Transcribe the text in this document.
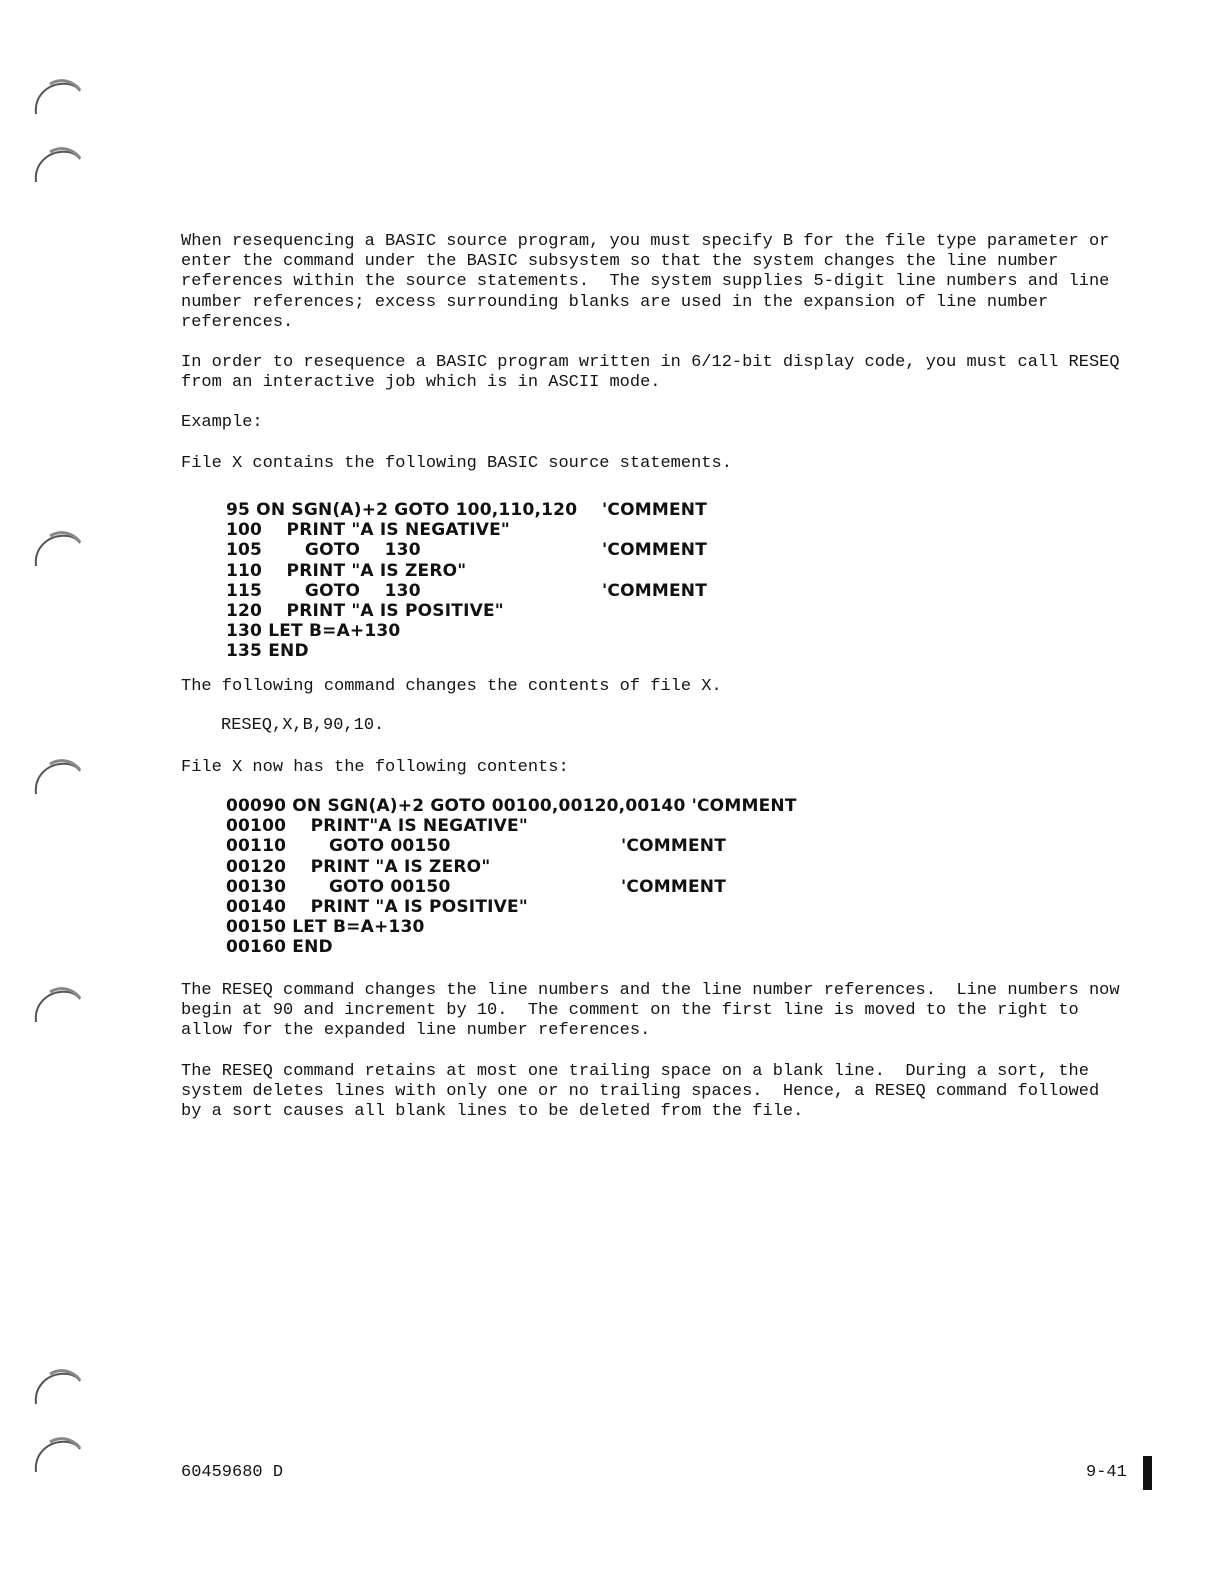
When resequencing a BASIC source program, you must specify B for the file type parameter or
enter the command under the BASIC subsystem so that the system changes the line number
references within the source statements.  The system supplies 5-digit line numbers and line
number references; excess surrounding blanks are used in the expansion of line number
references.

In order to resequence a BASIC program written in 6/12-bit display code, you must call RESEQ
from an interactive job which is in ASCII mode.

Example:

File X contains the following BASIC source statements.

95 ON SGN(A)+2 GOTO 100,110,120 'COMMENT
100    PRINT "A IS NEGATIVE"
105       GOTO    130	'COMMENT
110    PRINT "A IS ZERO"
115       GOTO    130	'COMMENT
120    PRINT "A IS POSITIVE"
130 LET B=A+130
135 END

The following command changes the contents of file X.

RESEQ,X,B,90,10.

File X now has the following contents:

00090 ON SGN(A)+2 GOTO 00100,00120,00140 'COMMENT
00100    PRINT"A IS NEGATIVE"
00110       GOTO 00150	'COMMENT
00120    PRINT "A IS ZERO"
00130       GOTO 00150	'COMMENT
00140    PRINT "A IS POSITIVE"
00150 LET B=A+130
00160 END

The RESEQ command changes the line numbers and the line number references.  Line numbers now
begin at 90 and increment by 10.  The comment on the first line is moved to the right to
allow for the expanded line number references.

The RESEQ command retains at most one trailing space on a blank line.  During a sort, the
system deletes lines with only one or no trailing spaces.  Hence, a RESEQ command followed
by a sort causes all blank lines to be deleted from the file.

60459680 D	9-41
